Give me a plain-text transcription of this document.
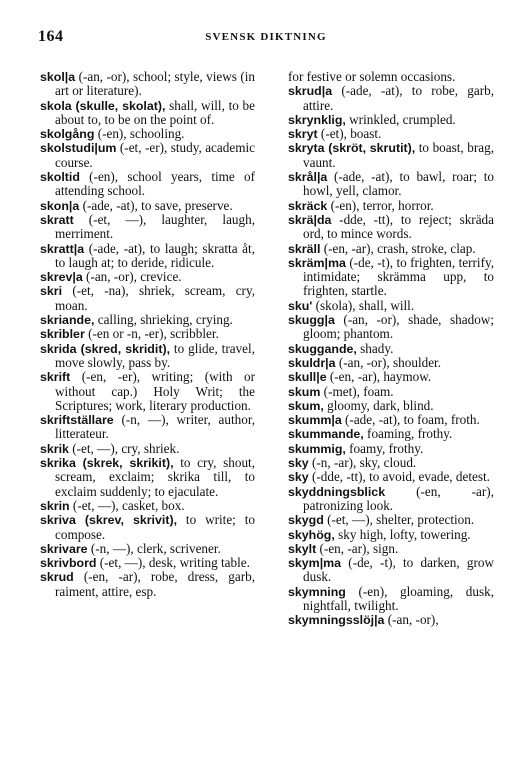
164	SVENSK DIKTNING

skol|a (-an, -or), school; style, views (in art or literature).

skola (skulle, skolat), shall, will, to be about to, to be on the point of.

skolgång (-en), schooling.

skolstudi|um (-et, -er), study, academic course.

skoltid (-en), school years, time of attending school.

skon|a (-ade, -at), to save, preserve.

skratt (-et, —), laughter, laugh, merriment.

skratt|a (-ade, -at), to laugh; skratta åt, to laugh at; to deride, ridicule.

skrev|a (-an, -or), crevice.

skri (-et, -na), shriek, scream, cry, moan.

skriande, calling, shrieking, crying.

skribler (-en or -n, -er), scribbler.

skrida (skred, skridit), to glide, travel, move slowly, pass by.

skrift (-en, -er), writing; (with or without cap.) Holy Writ; the Scriptures; work, literary production.

skriftställare (-n, —), writer, author, litterateur.

skrik (-et, —), cry, shriek.

skrika (skrek, skrikit), to cry, shout, scream, exclaim; skrika till, to exclaim suddenly; to ejaculate.

skrin (-et, —), casket, box.

skriva (skrev, skrivit), to write; to compose.

skrivare (-n, —), clerk, scrivener.

skrivbord (-et, —), desk, writing table.

skrud (-en, -ar), robe, dress, garb, raiment, attire, esp.

for festive or solemn occasions.

skrud|a (-ade, -at), to robe, garb, attire.

skrynklig, wrinkled, crumpled.

skryt (-et), boast.

skryta (skröt, skrutit), to boast, brag, vaunt.

skrål|a (-ade, -at), to bawl, roar; to howl, yell, clamor.

skräck (-en), terror, horror.

skrä|da -dde, -tt), to reject; skräda ord, to mince words.

skräll (-en, -ar), crash, stroke, clap.

skräm|ma (-de, -t), to frighten, terrify, intimidate; skrämma upp, to frighten, startle.

sku' (skola), shall, will.

skugg|a (-an, -or), shade, shadow; gloom; phantom.

skuggande, shady.

skuldr|a (-an, -or), shoulder.

skull|e (-en, -ar), haymow.

skum (-met), foam.

skum, gloomy, dark, blind.

skumm|a (-ade, -at), to foam, froth.

skummande, foaming, frothy.

skummig, foamy, frothy.

sky (-n, -ar), sky, cloud.

sky (-dde, -tt), to avoid, evade, detest.

skyddningsblick (-en, -ar), patronizing look.

skygd (-et, —), shelter, protection.

skyhög, sky high, lofty, towering.

skylt (-en, -ar), sign.

skym|ma (-de, -t), to darken, grow dusk.

skymning (-en), gloaming, dusk, nightfall, twilight.

skymningsslöj|a (-an, -or),
